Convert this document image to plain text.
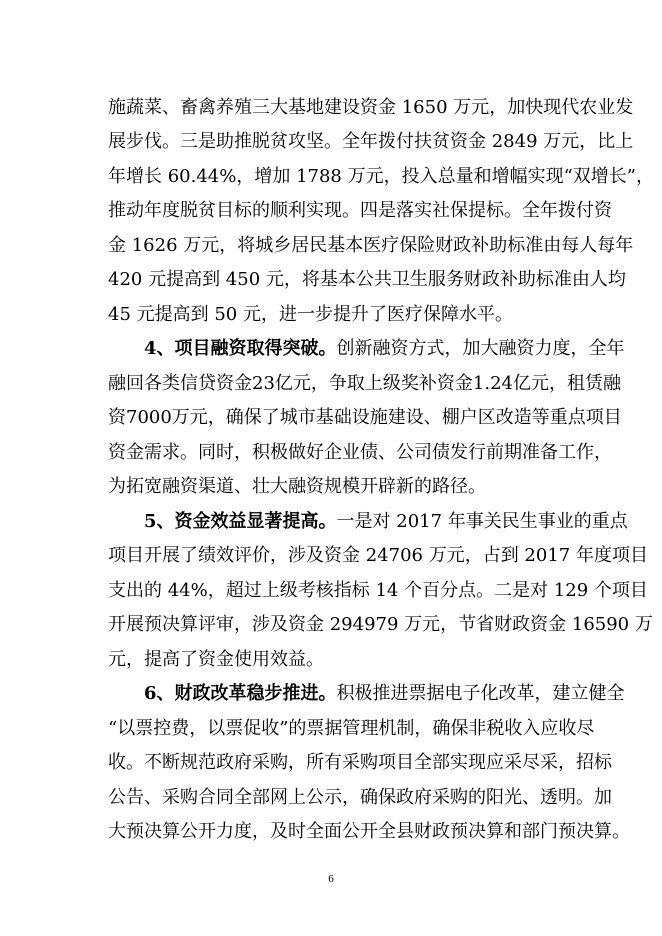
施蔬菜、畜禽养殖三大基地建设资金 1650 万元，加快现代农业发
展步伐。三是助推脱贫攻坚。全年拨付扶贫资金 2849 万元，比上
年增长 60.44%，增加 1788 万元，投入总量和增幅实现“双增长”，
推动年度脱贫目标的顺利实现。四是落实社保提标。全年拨付资
金 1626 万元，将城乡居民基本医疗保险财政补助标准由每人每年
420 元提高到 450 元，将基本公共卫生服务财政补助标准由人均
45 元提高到 50 元，进一步提升了医疗保障水平。
4、项目融资取得突破。创新融资方式，加大融资力度，全年
融回各类信贷资金23亿元，争取上级奖补资金1.24亿元，租赁融
资7000万元，确保了城市基础设施建设、棚户区改造等重点项目
资金需求。同时，积极做好企业债、公司债发行前期准备工作，
为拓宽融资渠道、壮大融资规模开辟新的路径。
5、资金效益显著提高。一是对 2017 年事关民生事业的重点
项目开展了绩效评价，涉及资金 24706 万元，占到 2017 年度项目
支出的 44%，超过上级考核指标 14 个百分点。二是对 129 个项目
开展预决算评审，涉及资金 294979 万元，节省财政资金 16590 万
元，提高了资金使用效益。
6、财政改革稳步推进。积极推进票据电子化改革，建立健全
“以票控费，以票促收”的票据管理机制，确保非税收入应收尽
收。不断规范政府采购，所有采购项目全部实现应采尽采，招标
公告、采购合同全部网上公示，确保政府采购的阳光、透明。加
大预决算公开力度，及时全面公开全县财政预决算和部门预决算。
6
